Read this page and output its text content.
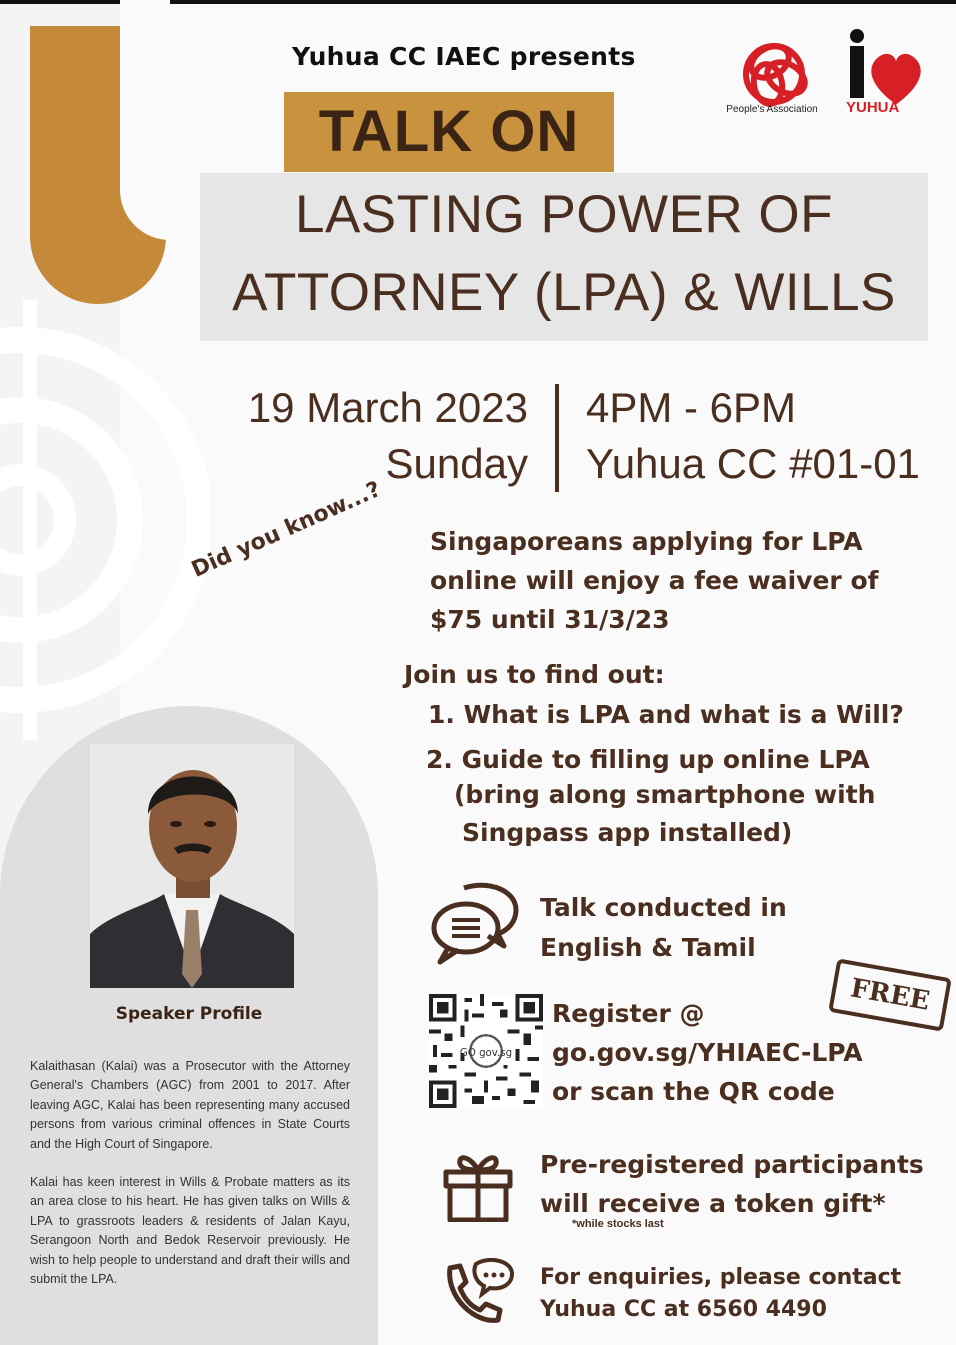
Yuhua CC IAEC presents
TALK ON	People's Association	YUHUA
LASTING POWER OF
ATTORNEY (LPA) & WILLS
19 March 2023
Sunday
4PM - 6PM
Yuhua CC #01-01
Did you know...? Singaporeans applying for LPA online will enjoy a fee waiver of $75 until 31/3/23
Join us to find out:
1. What is LPA and what is a Will?
2. Guide to filling up online LPA
(bring along smartphone with
Singpass app installed)
Talk conducted in
English & Tamil
FREE
GO gov.sg
Register @
go.gov.sg/YHIAEC-LPA
or scan the QR code
Pre-registered participants
will receive a token gift*
*while stocks last
For enquiries, please contact
Yuhua CC at 6560 4490
Speaker Profile

Kalaithasan (Kalai) was a Prosecutor with the Attorney General's Chambers (AGC) from 2001 to 2017. After leaving AGC, Kalai has been representing many accused persons from various criminal offences in State Courts and the High Court of Singapore.

Kalai has keen interest in Wills & Probate matters as its an area close to his heart. He has given talks on Wills & LPA to grassroots leaders & residents of Jalan Kayu, Serangoon North and Bedok Reservoir previously. He wish to help people to understand and draft their wills and submit the LPA.
